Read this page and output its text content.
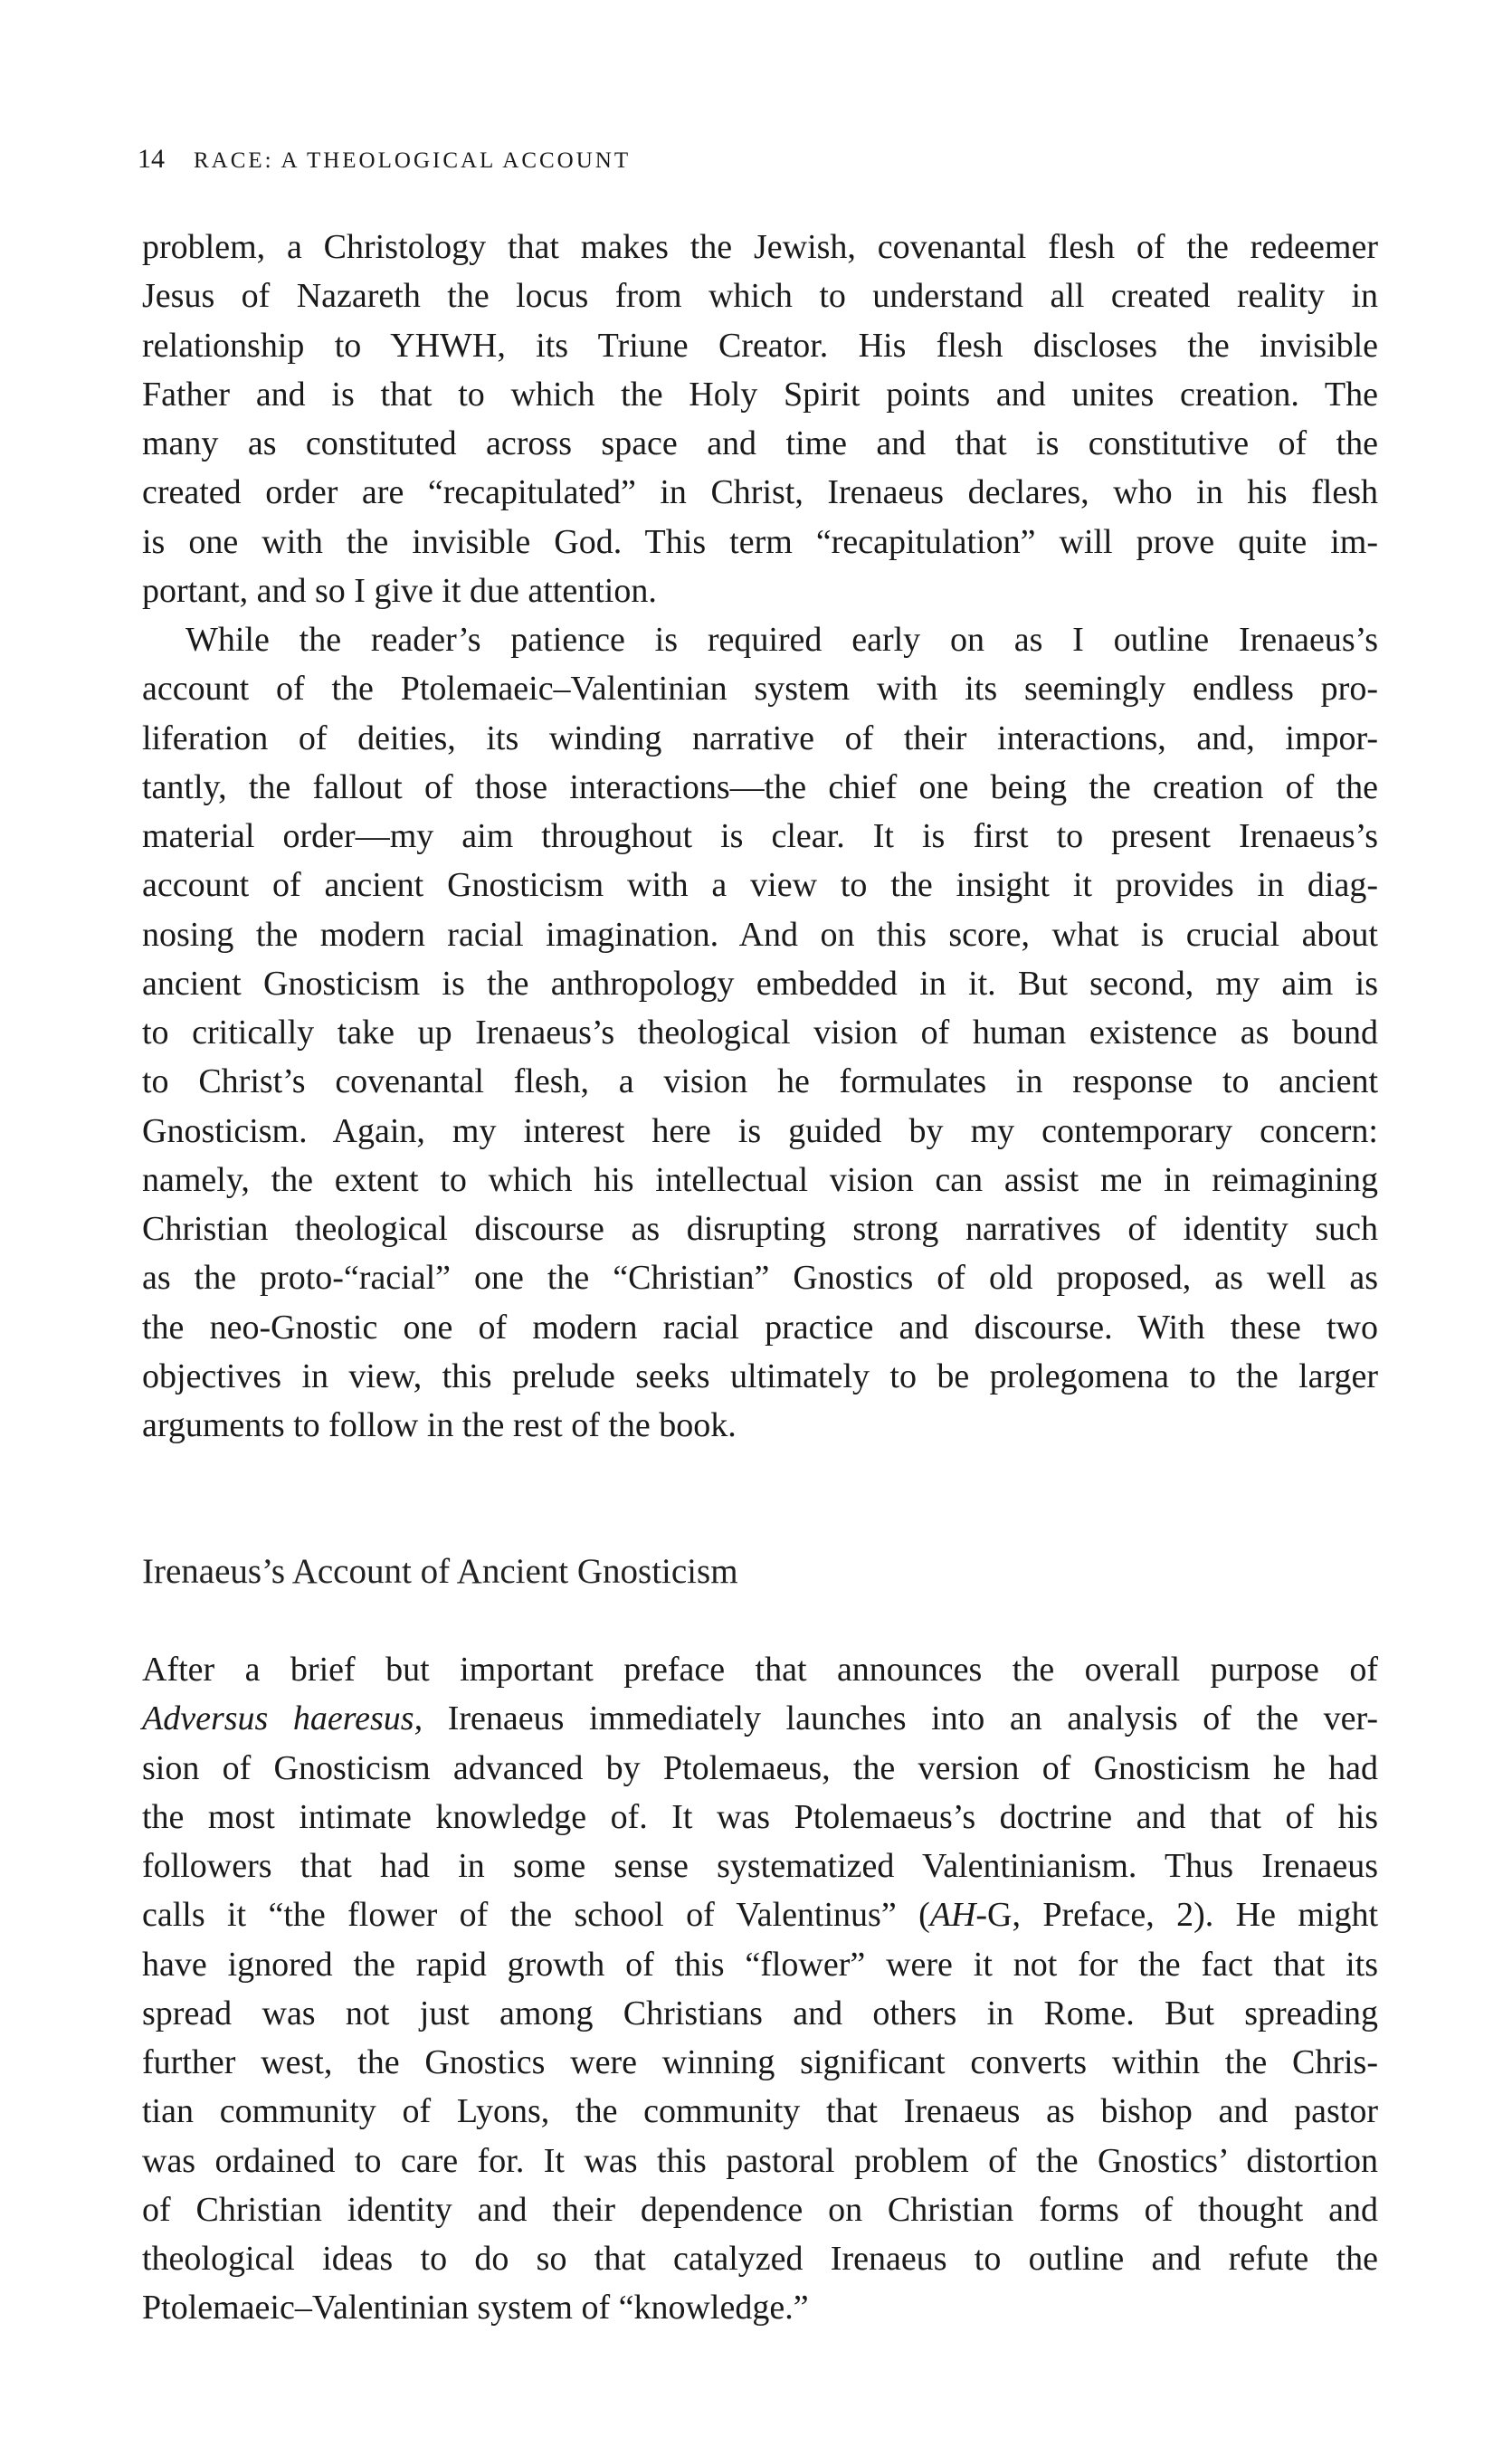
14 RACE: A THEOLOGICAL ACCOUNT
problem, a Christology that makes the Jewish, covenantal flesh of the redeemer
Jesus of Nazareth the locus from which to understand all created reality in
relationship to YHWH, its Triune Creator. His flesh discloses the invisible
Father and is that to which the Holy Spirit points and unites creation. The
many as constituted across space and time and that is constitutive of the
created order are “recapitulated” in Christ, Irenaeus declares, who in his flesh
is one with the invisible God. This term “recapitulation” will prove quite im-
portant, and so I give it due attention.
While the reader’s patience is required early on as I outline Irenaeus’s
account of the Ptolemaeic–Valentinian system with its seemingly endless pro-
liferation of deities, its winding narrative of their interactions, and, impor-
tantly, the fallout of those interactions—the chief one being the creation of the
material order—my aim throughout is clear. It is first to present Irenaeus’s
account of ancient Gnosticism with a view to the insight it provides in diag-
nosing the modern racial imagination. And on this score, what is crucial about
ancient Gnosticism is the anthropology embedded in it. But second, my aim is
to critically take up Irenaeus’s theological vision of human existence as bound
to Christ’s covenantal flesh, a vision he formulates in response to ancient
Gnosticism. Again, my interest here is guided by my contemporary concern:
namely, the extent to which his intellectual vision can assist me in reimagining
Christian theological discourse as disrupting strong narratives of identity such
as the proto-“racial” one the “Christian” Gnostics of old proposed, as well as
the neo-Gnostic one of modern racial practice and discourse. With these two
objectives in view, this prelude seeks ultimately to be prolegomena to the larger
arguments to follow in the rest of the book.
Irenaeus’s Account of Ancient Gnosticism
After a brief but important preface that announces the overall purpose of
Adversus haeresus, Irenaeus immediately launches into an analysis of the ver-
sion of Gnosticism advanced by Ptolemaeus, the version of Gnosticism he had
the most intimate knowledge of. It was Ptolemaeus’s doctrine and that of his
followers that had in some sense systematized Valentinianism. Thus Irenaeus
calls it “the flower of the school of Valentinus” (AH-G, Preface, 2). He might
have ignored the rapid growth of this “flower” were it not for the fact that its
spread was not just among Christians and others in Rome. But spreading
further west, the Gnostics were winning significant converts within the Chris-
tian community of Lyons, the community that Irenaeus as bishop and pastor
was ordained to care for. It was this pastoral problem of the Gnostics’ distortion
of Christian identity and their dependence on Christian forms of thought and
theological ideas to do so that catalyzed Irenaeus to outline and refute the
Ptolemaeic–Valentinian system of “knowledge.”
